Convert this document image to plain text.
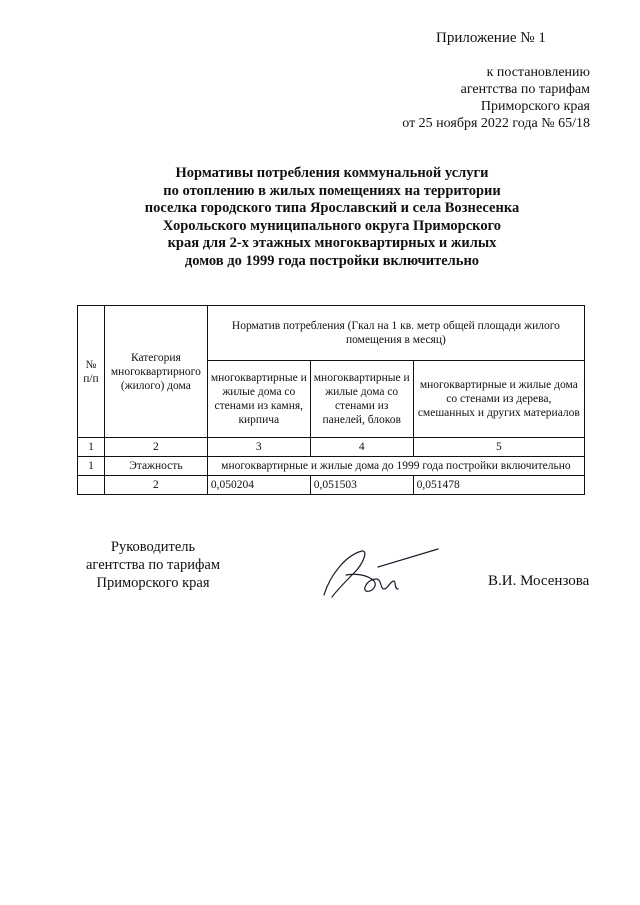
Приложение № 1
к постановлению
агентства по тарифам
Приморского края
от 25 ноября 2022 года № 65/18
Нормативы потребления коммунальной услуги
по отоплению в жилых помещениях на территории
поселка городского типа Ярославский и села Вознесенка
Хорольского муниципального округа Приморского
края для 2-х этажных многоквартирных и жилых
домов до 1999 года постройки включительно
№ п/п	Категория многоквартирного (жилого) дома	Норматив потребления (Гкал на 1 кв. метр общей площади жилого помещения в месяц)		
		многоквартирные и жилые дома со стенами из камня, кирпича	многоквартирные и жилые дома со стенами из панелей, блоков	многоквартирные и жилые дома со стенами из дерева, смешанных и других материалов
1	2	3	4	5
1	Этажность	многоквартирные и жилые дома до 1999 года постройки включительно		
	2	0,050204	0,051503	0,051478
Руководитель
агентства по тарифам
Приморского края	В.И. Мосензова
